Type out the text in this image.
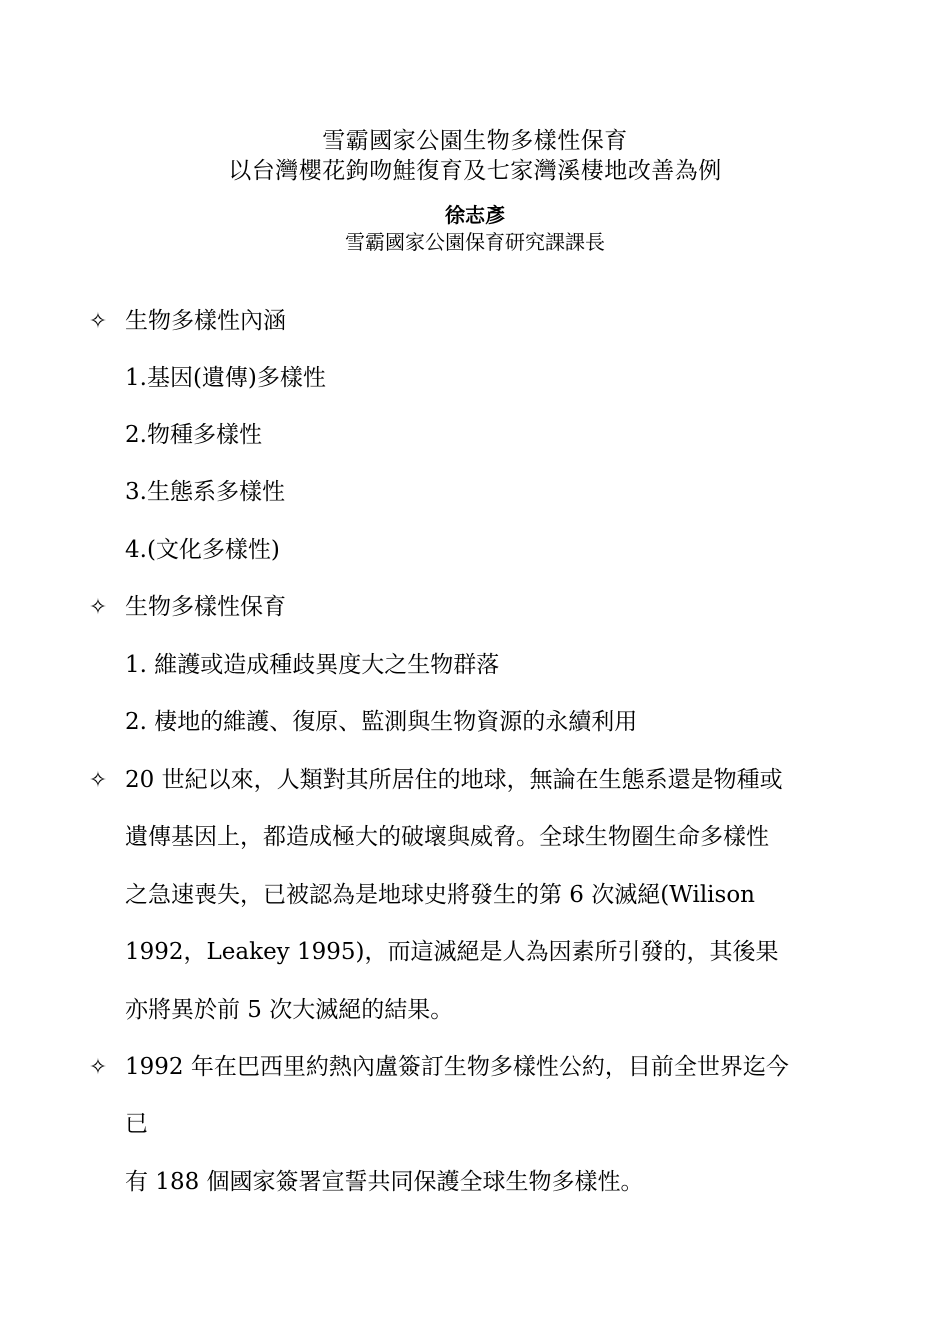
雪霸國家公園生物多樣性保育
以台灣櫻花鉤吻鮭復育及七家灣溪棲地改善為例
徐志彥
雪霸國家公園保育研究課課長
✧ 生物多樣性內涵
1.基因(遺傳)多樣性
2.物種多樣性
3.生態系多樣性
4.(文化多樣性)
✧ 生物多樣性保育
1. 維護或造成種歧異度大之生物群落
2. 棲地的維護、復原、監測與生物資源的永續利用
✧ 20 世紀以來，人類對其所居住的地球，無論在生態系還是物種或
遺傳基因上，都造成極大的破壞與威脅。全球生物圈生命多樣性
之急速喪失，已被認為是地球史將發生的第 6 次滅絕(Wilison
1992，Leakey 1995)，而這滅絕是人為因素所引發的，其後果
亦將異於前 5 次大滅絕的結果。
✧ 1992 年在巴西里約熱內盧簽訂生物多樣性公約，目前全世界迄今
已
有 188 個國家簽署宣誓共同保護全球生物多樣性。
